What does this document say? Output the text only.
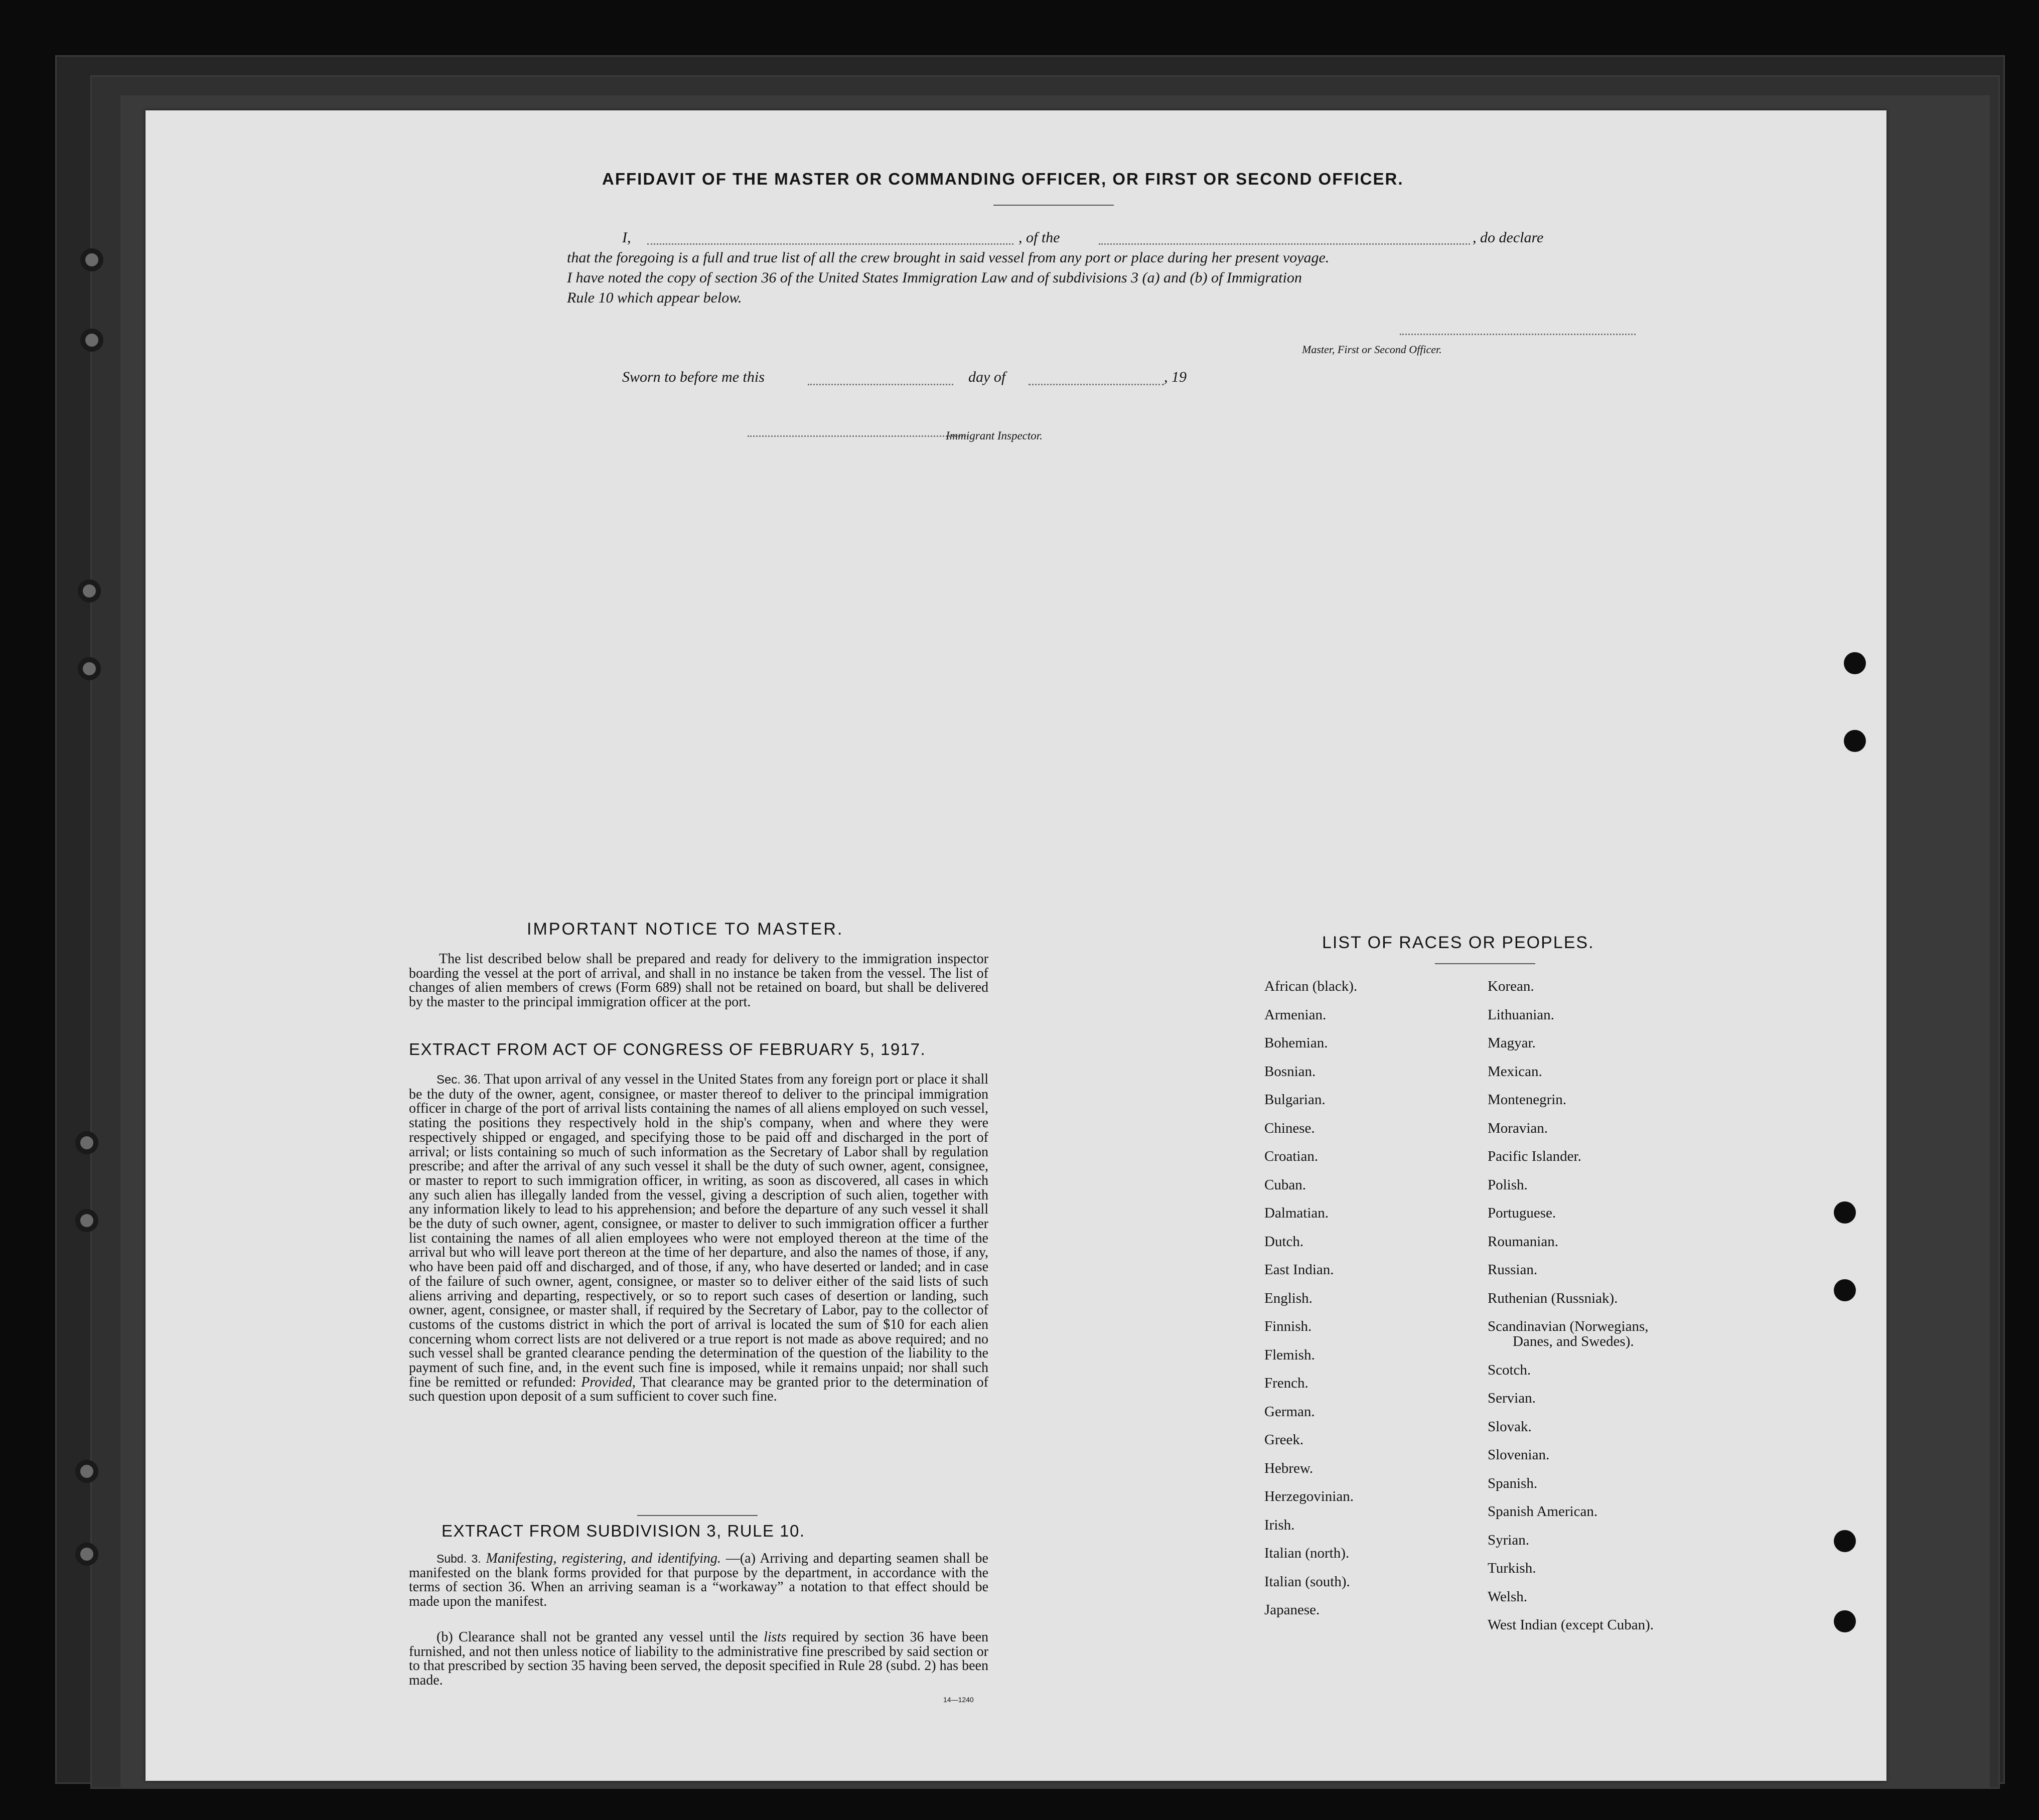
AFFIDAVIT OF THE MASTER OR COMMANDING OFFICER, OR FIRST OR SECOND OFFICER.
I,	, of the	, do declare
that the foregoing is a full and true list of all the crew brought in said vessel from any port or place during her present voyage.
I have noted the copy of section 36 of the United States Immigration Law and of subdivisions 3 (a) and (b) of Immigration
Rule 10 which appear below.
Master, First or Second Officer.
Sworn to before me this	day of	, 19
Immigrant Inspector.
IMPORTANT NOTICE TO MASTER.
The list described below shall be prepared and ready for delivery to the immigration inspector boarding the vessel at the port of arrival, and shall in no instance be taken from the vessel. The list of changes of alien members of crews (Form 689) shall not be retained on board, but shall be delivered by the master to the principal immigration officer at the port.
EXTRACT FROM ACT OF CONGRESS OF FEBRUARY 5, 1917.
Sec. 36. That upon arrival of any vessel in the United States from any foreign port or place it shall be the duty of the owner, agent, consignee, or master thereof to deliver to the principal immigration officer in charge of the port of arrival lists containing the names of all aliens employed on such vessel, stating the positions they respectively hold in the ship's company, when and where they were respectively shipped or engaged, and specifying those to be paid off and discharged in the port of arrival; or lists containing so much of such information as the Secretary of Labor shall by regulation prescribe; and after the arrival of any such vessel it shall be the duty of such owner, agent, consignee, or master to report to such immigration officer, in writing, as soon as discovered, all cases in which any such alien has illegally landed from the vessel, giving a description of such alien, together with any information likely to lead to his apprehension; and before the departure of any such vessel it shall be the duty of such owner, agent, consignee, or master to deliver to such immigration officer a further list containing the names of all alien employees who were not employed thereon at the time of the arrival but who will leave port thereon at the time of her departure, and also the names of those, if any, who have been paid off and discharged, and of those, if any, who have deserted or landed; and in case of the failure of such owner, agent, consignee, or master so to deliver either of the said lists of such aliens arriving and departing, respectively, or so to report such cases of desertion or landing, such owner, agent, consignee, or master shall, if required by the Secretary of Labor, pay to the collector of customs of the customs district in which the port of arrival is located the sum of $10 for each alien concerning whom correct lists are not delivered or a true report is not made as above required; and no such vessel shall be granted clearance pending the determination of the question of the liability to the payment of such fine, and, in the event such fine is imposed, while it remains unpaid; nor shall such fine be remitted or refunded: Provided, That clearance may be granted prior to the determination of such question upon deposit of a sum sufficient to cover such fine.
EXTRACT FROM SUBDIVISION 3, RULE 10.
Subd. 3. Manifesting, registering, and identifying. —(a) Arriving and departing seamen shall be manifested on the blank forms provided for that purpose by the department, in accordance with the terms of section 36. When an arriving seaman is a “workaway” a notation to that effect should be made upon the manifest.
(b) Clearance shall not be granted any vessel until the lists required by section 36 have been furnished, and not then unless notice of liability to the administrative fine prescribed by said section or to that prescribed by section 35 having been served, the deposit specified in Rule 28 (subd. 2) has been made.
14—1240
LIST OF RACES OR PEOPLES.
African (black).
Armenian.
Bohemian.
Bosnian.
Bulgarian.
Chinese.
Croatian.
Cuban.
Dalmatian.
Dutch.
East Indian.
English.
Finnish.
Flemish.
French.
German.
Greek.
Hebrew.
Herzegovinian.
Irish.
Italian (north).
Italian (south).
Japanese.
Korean.
Lithuanian.
Magyar.
Mexican.
Montenegrin.
Moravian.
Pacific Islander.
Polish.
Portuguese.
Roumanian.
Russian.
Ruthenian (Russniak).
Scandinavian (Norwegians,
Danes, and Swedes).
Scotch.
Servian.
Slovak.
Slovenian.
Spanish.
Spanish American.
Syrian.
Turkish.
Welsh.
West Indian (except Cuban).
